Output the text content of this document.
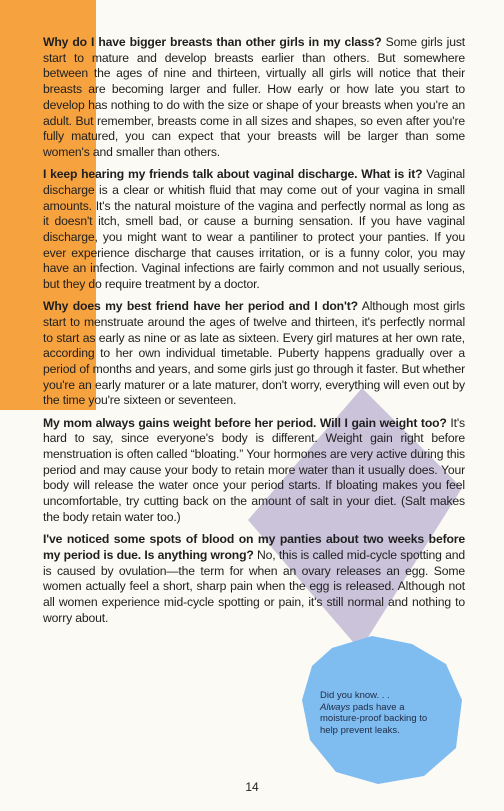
Why do I have bigger breasts than other girls in my class? Some girls just start to mature and develop breasts earlier than others. But somewhere between the ages of nine and thirteen, virtually all girls will notice that their breasts are becoming larger and fuller. How early or how late you start to develop has nothing to do with the size or shape of your breasts when you're an adult. But remember, breasts come in all sizes and shapes, so even after you're fully matured, you can expect that your breasts will be larger than some women's and smaller than others.

I keep hearing my friends talk about vaginal discharge. What is it? Vaginal discharge is a clear or whitish fluid that may come out of your vagina in small amounts. It's the natural moisture of the vagina and perfectly normal as long as it doesn't itch, smell bad, or cause a burning sensation. If you have vaginal discharge, you might want to wear a pantiliner to protect your panties. If you ever experience discharge that causes irritation, or is a funny color, you may have an infection. Vaginal infections are fairly common and not usually serious, but they do require treatment by a doctor.

Why does my best friend have her period and I don't? Although most girls start to menstruate around the ages of twelve and thirteen, it's perfectly normal to start as early as nine or as late as sixteen. Every girl matures at her own rate, according to her own individual timetable. Puberty happens gradually over a period of months and years, and some girls just go through it faster. But whether you're an early maturer or a late maturer, don't worry, everything will even out by the time you're sixteen or seventeen.

My mom always gains weight before her period. Will I gain weight too? It's hard to say, since everyone's body is different. Weight gain right before menstruation is often called “bloating.” Your hormones are very active during this period and may cause your body to retain more water than it usually does. Your body will release the water once your period starts. If bloating makes you feel uncomfortable, try cutting back on the amount of salt in your diet. (Salt makes the body retain water too.)

I've noticed some spots of blood on my panties about two weeks before my period is due. Is anything wrong? No, this is called mid-cycle spotting and is caused by ovulation—the term for when an ovary releases an egg. Some women actually feel a short, sharp pain when the egg is released. Although not all women experience mid-cycle spotting or pain, it's still normal and nothing to worry about.

Did you know. . .
Always pads have a moisture-proof backing to help prevent leaks.
14
